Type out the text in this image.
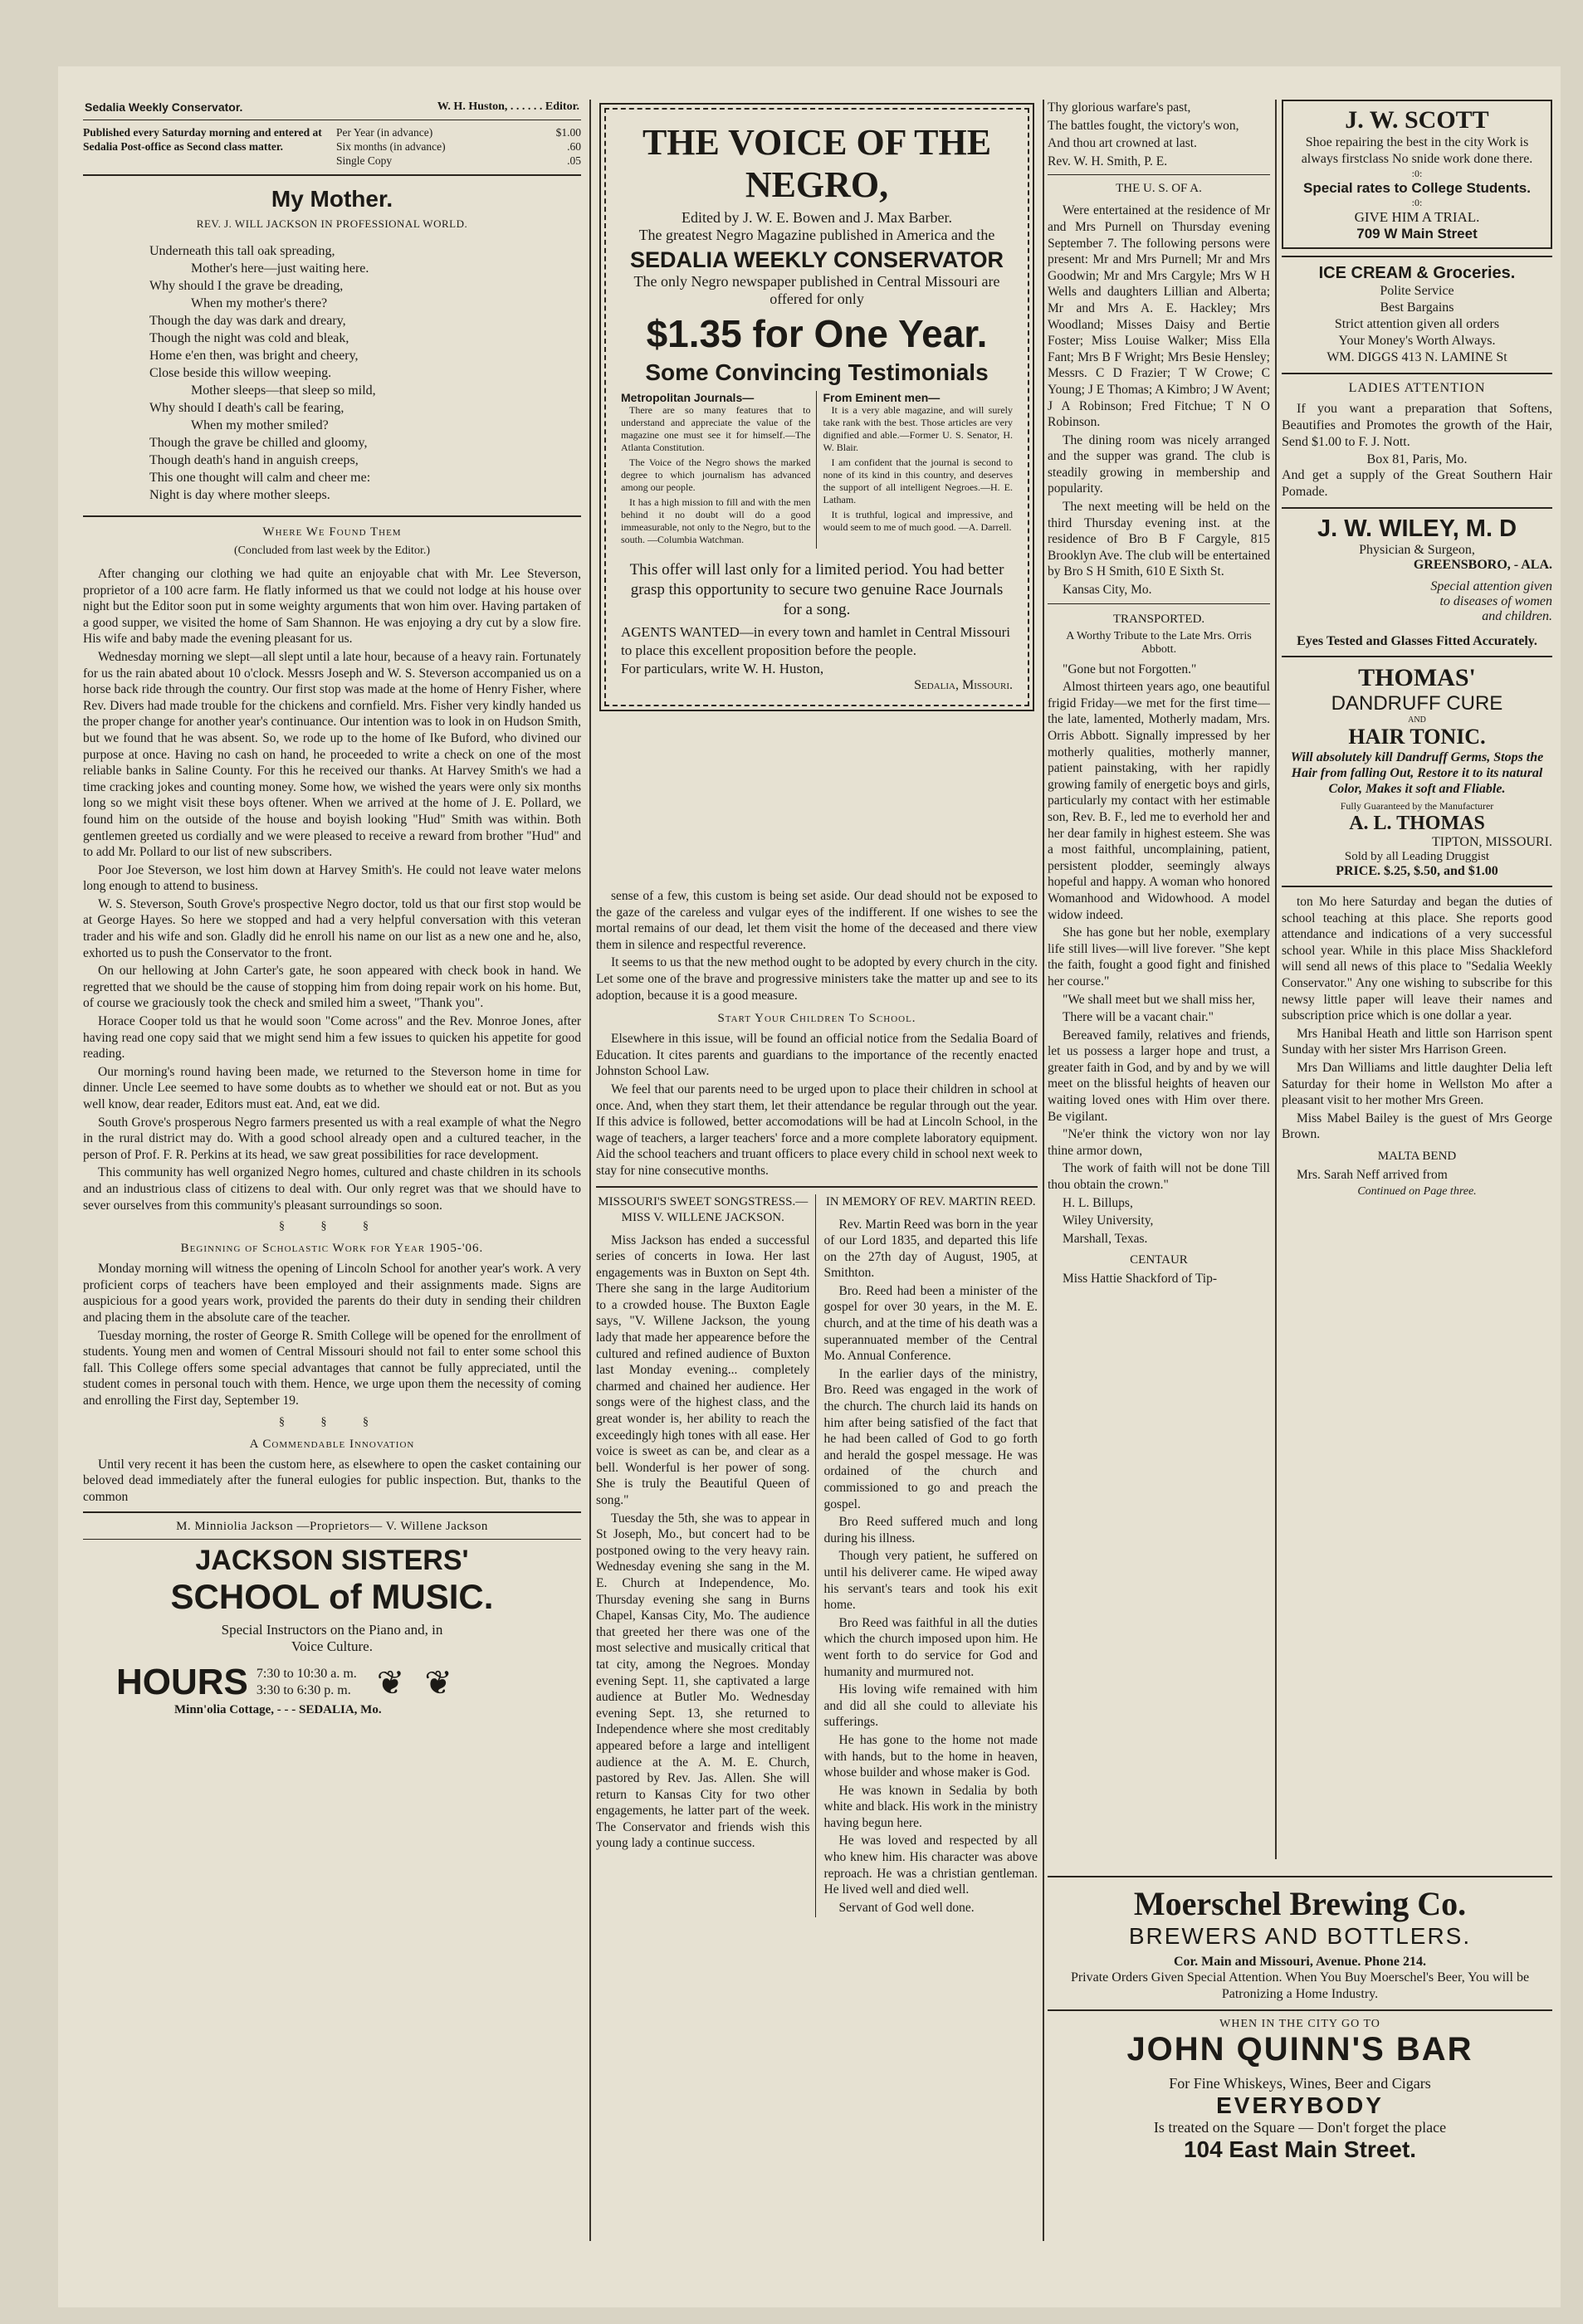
Sedalia Weekly Conservator.	W. H. Huston, . . . . . . Editor.
Published every Saturday morning and entered at Sedalia Post-office as Second class matter.
Per Year (in advance)	$1.00
Six months (in advance)	.60
Single Copy	.05
My Mother.
REV. J. WILL JACKSON IN PROFESSIONAL WORLD.
Underneath this tall oak spreading,
Mother's here—just waiting here.
Why should I the grave be dreading,
When my mother's there?
Though the day was dark and dreary,
Though the night was cold and bleak,
Home e'en then, was bright and cheery,
Close beside this willow weeping.
Mother sleeps—that sleep so mild,
Why should I death's call be fearing,
When my mother smiled?
Though the grave be chilled and gloomy,
Though death's hand in anguish creeps,
This one thought will calm and cheer me:
Night is day where mother sleeps.
Where We Found Them
(Concluded from last week by the Editor.)

After changing our clothing we had quite an enjoyable chat with Mr. Lee Steverson, proprietor of a 100 acre farm. He flatly informed us that we could not lodge at his house over night but the Editor soon put in some weighty arguments that won him over. Having partaken of a good supper, we visited the home of Sam Shannon. He was enjoying a dry cut by a slow fire. His wife and baby made the evening pleasant for us.

Wednesday morning we slept—all slept until a late hour, because of a heavy rain. Fortunately for us the rain abated about 10 o'clock. Messrs Joseph and W. S. Steverson accompanied us on a horse back ride through the country. Our first stop was made at the home of Henry Fisher, where Rev. Divers had made trouble for the chickens and cornfield. Mrs. Fisher very kindly handed us the proper change for another year's continuance. Our intention was to look in on Hudson Smith, but we found that he was absent. So, we rode up to the home of Ike Buford, who divined our purpose at once. Having no cash on hand, he proceeded to write a check on one of the most reliable banks in Saline County. For this he received our thanks. At Harvey Smith's we had a time cracking jokes and counting money. Some how, we wished the years were only six months long so we might visit these boys oftener. When we arrived at the home of J. E. Pollard, we found him on the outside of the house and boyish looking "Hud" Smith was within. Both gentlemen greeted us cordially and we were pleased to receive a reward from brother "Hud" and to add Mr. Pollard to our list of new subscribers.

Poor Joe Steverson, we lost him down at Harvey Smith's. He could not leave water melons long enough to attend to business.

W. S. Steverson, South Grove's prospective Negro doctor, told us that our first stop would be at George Hayes. So here we stopped and had a very helpful conversation with this veteran trader and his wife and son. Gladly did he enroll his name on our list as a new one and he, also, exhorted us to push the Conservator to the front.

On our hellowing at John Carter's gate, he soon appeared with check book in hand. We regretted that we should be the cause of stopping him from doing repair work on his home. But, of course we graciously took the check and smiled him a sweet, "Thank you".

Horace Cooper told us that he would soon "Come across" and the Rev. Monroe Jones, after having read one copy said that we might send him a few issues to quicken his appetite for good reading.

Our morning's round having been made, we returned to the Steverson home in time for dinner. Uncle Lee seemed to have some doubts as to whether we should eat or not. But as you well know, dear reader, Editors must eat. And, eat we did.

South Grove's prosperous Negro farmers presented us with a real example of what the Negro in the rural district may do. With a good school already open and a cultured teacher, in the person of Prof. F. R. Perkins at its head, we saw great possibilities for race development.

This community has well organized Negro homes, cultured and chaste children in its schools and an industrious class of citizens to deal with. Our only regret was that we should have to sever ourselves from this community's pleasant surroundings so soon.

§ § §
Beginning of Scholastic Work for Year 1905-'06.

Monday morning will witness the opening of Lincoln School for another year's work. A very proficient corps of teachers have been employed and their assignments made. Signs are auspicious for a good years work, provided the parents do their duty in sending their children and placing them in the absolute care of the teacher.

Tuesday morning, the roster of George R. Smith College will be opened for the enrollment of students. Young men and women of Central Missouri should not fail to enter some school this fall. This College offers some special advantages that cannot be fully appreciated, until the student comes in personal touch with them. Hence, we urge upon them the necessity of coming and enrolling the First day, September 19.

§ § §
A Commendable Innovation

Until very recent it has been the custom here, as elsewhere to open the casket containing our beloved dead immediately after the funeral eulogies for public inspection. But, thanks to the common

M. Minniolia Jackson —Proprietors— V. Willene Jackson
JACKSON SISTERS'
SCHOOL of MUSIC.
Special Instructors on the Piano and, in
Voice Culture.
HOURS 7:30 to 10:30 a. m.
3:30 to 6:30 p. m. ❦❦
Minn'olia Cottage, - - - SEDALIA, Mo.
THE VOICE OF THE
NEGRO,
Edited by J. W. E. Bowen and J. Max Barber.
The greatest Negro Magazine published in America and the
SEDALIA WEEKLY CONSERVATOR
The only Negro newspaper published in Central Missouri are offered for only
$1.35 for One Year.
Some Convincing Testimonials
Metropolitan Journals—

There are so many features that to understand and appreciate the value of the magazine one must see it for himself.—The Atlanta Constitution.

The Voice of the Negro shows the marked degree to which journalism has advanced among our people.

It has a high mission to fill and with the men behind it no doubt will do a good immeasurable, not only to the Negro, but to the south. —Columbia Watchman.

From Eminent men—

It is a very able magazine, and will surely take rank with the best. Those articles are very dignified and able.—Former U. S. Senator, H. W. Blair.

I am confident that the journal is second to none of its kind in this country, and deserves the support of all intelligent Negroes.—H. E. Latham.

It is truthful, logical and impressive, and would seem to me of much good. —A. Darrell.

This offer will last only for a limited period. You had better grasp this opportunity to secure two genuine Race Journals for a song.
AGENTS WANTED—in every town and hamlet in Central Missouri to place this excellent proposition before the people.
For particulars, write W. H. Huston,
Sedalia, Missouri.

sense of a few, this custom is being set aside. Our dead should not be exposed to the gaze of the careless and vulgar eyes of the indifferent. If one wishes to see the mortal remains of our dead, let them visit the home of the deceased and there view them in silence and respectful reverence.

It seems to us that the new method ought to be adopted by every church in the city. Let some one of the brave and progressive ministers take the matter up and see to its adoption, because it is a good measure.

Start Your Children To School.

Elsewhere in this issue, will be found an official notice from the Sedalia Board of Education. It cites parents and guardians to the importance of the recently enacted Johnston School Law.

We feel that our parents need to be urged upon to place their children in school at once. And, when they start them, let their attendance be regular through out the year. If this advice is followed, better accomodations will be had at Lincoln School, in the wage of teachers, a larger teachers' force and a more complete laboratory equipment. Aid the school teachers and truant officers to place every child in school next week to stay for nine consecutive months.

MISSOURI'S SWEET SONGSTRESS.—MISS V. WILLENE JACKSON.

Miss Jackson has ended a successful series of concerts in Iowa. Her last engagements was in Buxton on Sept 4th. There she sang in the large Auditorium to a crowded house. The Buxton Eagle says, "V. Willene Jackson, the young lady that made her appearence before the cultured and refined audience of Buxton last Monday evening... completely charmed and chained her audience. Her songs were of the highest class, and the great wonder is, her ability to reach the exceedingly high tones with all ease. Her voice is sweet as can be, and clear as a bell. Wonderful is her power of song. She is truly the Beautiful Queen of song."

Tuesday the 5th, she was to appear in St Joseph, Mo., but concert had to be postponed owing to the very heavy rain. Wednesday evening she sang in the M. E. Church at Independence, Mo. Thursday evening she sang in Burns Chapel, Kansas City, Mo. The audience that greeted her there was one of the most selective and musically critical that tat city, among the Negroes. Monday evening Sept. 11, she captivated a large audience at Butler Mo. Wednesday evening Sept. 13, she returned to Independence where she most creditably appeared before a large and intelligent audience at the A. M. E. Church, pastored by Rev. Jas. Allen. She will return to Kansas City for two other engagements, he latter part of the week. The Conservator and friends wish this young lady a continue success.

IN MEMORY OF REV. MARTIN REED.

Rev. Martin Reed was born in the year of our Lord 1835, and departed this life on the 27th day of August, 1905, at Smithton.

Bro. Reed had been a minister of the gospel for over 30 years, in the M. E. church, and at the time of his death was a superannuated member of the Central Mo. Annual Conference.

In the earlier days of the ministry, Bro. Reed was engaged in the work of the church. The church laid its hands on him after being satisfied of the fact that he had been called of God to go forth and herald the gospel message. He was ordained of the church and commissioned to go and preach the gospel.

Bro Reed suffered much and long during his illness.

Though very patient, he suffered on until his deliverer came. He wiped away his servant's tears and took his exit home.

Bro Reed was faithful in all the duties which the church imposed upon him. He went forth to do service for God and humanity and murmured not.

His loving wife remained with him and did all she could to alleviate his sufferings.

He has gone to the home not made with hands, but to the home in heaven, whose builder and whose maker is God.

He was known in Sedalia by both white and black. His work in the ministry having begun here.

He was loved and respected by all who knew him. His character was above reproach. He was a christian gentleman. He lived well and died well.

Servant of God well done.

Thy glorious warfare's past,

The battles fought, the victory's won,

And thou art crowned at last.

Rev. W. H. Smith, P. E.

THE U. S. OF A.

Were entertained at the residence of Mr and Mrs Purnell on Thursday evening September 7. The following persons were present: Mr and Mrs Purnell; Mr and Mrs Goodwin; Mr and Mrs Cargyle; Mrs W H Wells and daughters Lillian and Alberta; Mr and Mrs A. E. Hackley; Mrs Woodland; Misses Daisy and Bertie Foster; Miss Louise Walker; Miss Ella Fant; Mrs B F Wright; Mrs Besie Hensley; Messrs. C D Frazier; T W Crowe; C Young; J E Thomas; A Kimbro; J W Avent; J A Robinson; Fred Fitchue; T N O Robinson.

The dining room was nicely arranged and the supper was grand. The club is steadily growing in membership and popularity.

The next meeting will be held on the third Thursday evening inst. at the residence of Bro B F Cargyle, 815 Brooklyn Ave. The club will be entertained by Bro S H Smith, 610 E Sixth St.

Kansas City, Mo.

TRANSPORTED.
A Worthy Tribute to the Late Mrs. Orris Abbott.

"Gone but not Forgotten."

Almost thirteen years ago, one beautiful frigid Friday—we met for the first time—the late, lamented, Motherly madam, Mrs. Orris Abbott. Signally impressed by her motherly qualities, motherly manner, patient painstaking, with her rapidly growing family of energetic boys and girls, particularly my contact with her estimable son, Rev. B. F., led me to everhold her and her dear family in highest esteem. She was a most faithful, uncomplaining, patient, persistent plodder, seemingly always hopeful and happy. A woman who honored Womanhood and Widowhood. A model widow indeed.

She has gone but her noble, exemplary life still lives—will live forever. "She kept the faith, fought a good fight and finished her course."

"We shall meet but we shall miss her,

There will be a vacant chair."

Bereaved family, relatives and friends, let us possess a larger hope and trust, a greater faith in God, and by and by we will meet on the blissful heights of heaven our waiting loved ones with Him over there. Be vigilant.

"Ne'er think the victory won nor lay thine armor down,

The work of faith will not be done Till thou obtain the crown."

H. L. Billups,

Wiley University,

Marshall, Texas.

CENTAUR

Miss Hattie Shackford of Tip-

J. W. SCOTT
Shoe repairing the best in the city Work is always firstclass No snide work done there.
:0:
Special rates to College Students.
:0:
GIVE HIM A TRIAL.
709 W Main Street
ICE CREAM & Groceries.
Polite Service
Best Bargains
Strict attention given all orders
Your Money's Worth Always.
WM. DIGGS 413 N. LAMINE St
LADIES ATTENTION

If you want a preparation that Softens, Beautifies and Promotes the growth of the Hair, Send $1.00 to F. J. Nott.

Box 81, Paris, Mo.

And get a supply of the Great Southern Hair Pomade.

J. W. WILEY, M. D
Physician & Surgeon,
GREENSBORO, - ALA.
Special attention given
to diseases of women
and children.
Eyes Tested and Glasses Fitted Accurately.
THOMAS'
DANDRUFF CURE
AND
HAIR TONIC.
Will absolutely kill Dandruff Germs, Stops the Hair from falling Out, Restore it to its natural Color, Makes it soft and Fliable.
Fully Guaranteed by the Manufacturer
A. L. THOMAS
TIPTON, MISSOURI.
Sold by all Leading Druggist
PRICE. $.25, $.50, and $1.00

ton Mo here Saturday and began the duties of school teaching at this place. She reports good attendance and indications of a very successful school year. While in this place Miss Shackleford will send all news of this place to "Sedalia Weekly Conservator." Any one wishing to subscribe for this newsy little paper will leave their names and subscription price which is one dollar a year.

Mrs Hanibal Heath and little son Harrison spent Sunday with her sister Mrs Harrison Green.

Mrs Dan Williams and little daughter Delia left Saturday for their home in Wellston Mo after a pleasant visit to her mother Mrs Green.

Miss Mabel Bailey is the guest of Mrs George Brown.

MALTA BEND

Mrs. Sarah Neff arrived from

Continued on Page three.
Moerschel Brewing Co.
BREWERS AND BOTTLERS.
Cor. Main and Missouri, Avenue. Phone 214.
Private Orders Given Special Attention. When You Buy Moerschel's Beer, You will be Patronizing a Home Industry.
WHEN IN THE CITY GO TO
JOHN QUINN'S BAR
For Fine Whiskeys, Wines, Beer and Cigars
EVERYBODY
Is treated on the Square — Don't forget the place
104 East Main Street.
